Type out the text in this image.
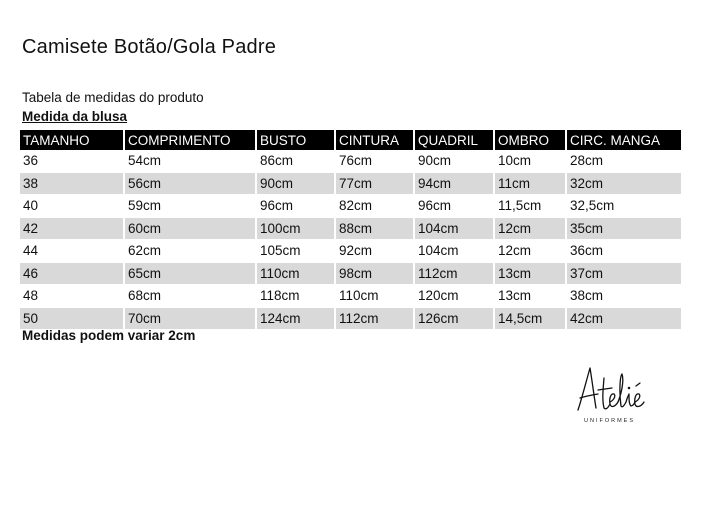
Camisete Botão/Gola Padre
Tabela de medidas do produto
Medida da blusa
TAMANHO	COMPRIMENTO	BUSTO	CINTURA	QUADRIL	OMBRO	CIRC. MANGA
36	54cm	86cm	76cm	90cm	10cm	28cm
38	56cm	90cm	77cm	94cm	11cm	32cm
40	59cm	96cm	82cm	96cm	11,5cm	32,5cm
42	60cm	100cm	88cm	104cm	12cm	35cm
44	62cm	105cm	92cm	104cm	12cm	36cm
46	65cm	110cm	98cm	112cm	13cm	37cm
48	68cm	118cm	110cm	120cm	13cm	38cm
50	70cm	124cm	112cm	126cm	14,5cm	42cm
Medidas podem variar 2cm
UNIFORMES
